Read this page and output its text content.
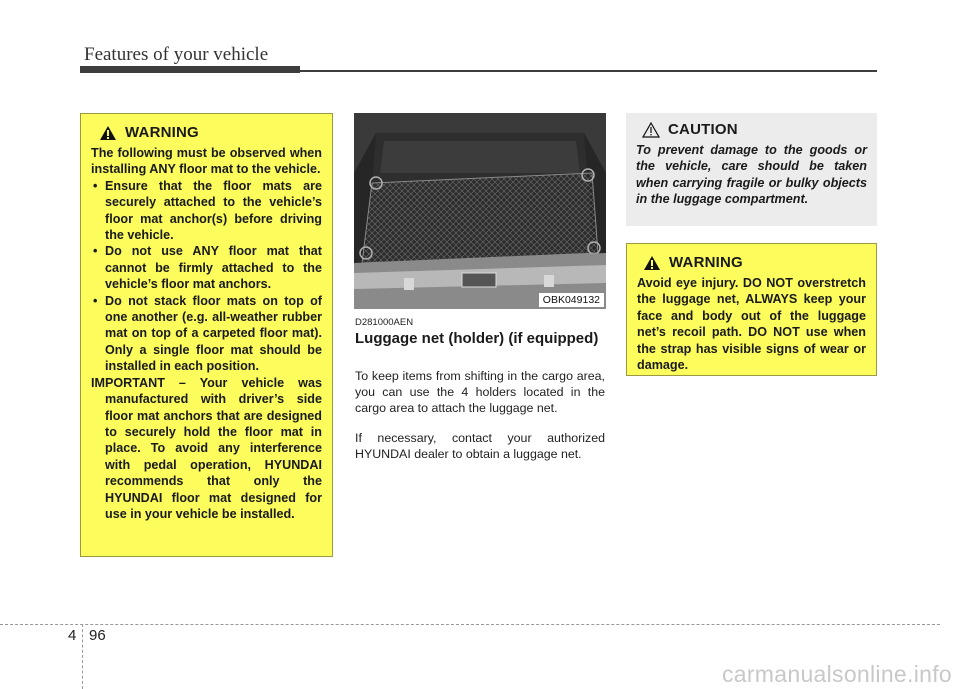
Features of your vehicle
WARNING
The following must be observed when installing ANY floor mat to the vehicle.
• Ensure that the floor mats are securely attached to the vehicle’s floor mat anchor(s) before driving the vehicle.
• Do not use ANY floor mat that cannot be firmly attached to the vehicle’s floor mat anchors.
• Do not stack floor mats on top of one another (e.g. all-weather rubber mat on top of a carpeted floor mat). Only a single floor mat should be installed in each position.
IMPORTANT – Your vehicle was manufactured with driver’s side floor mat anchors that are designed to securely hold the floor mat in place. To avoid any interference with pedal operation, HYUNDAI recommends that only the HYUNDAI floor mat designed for use in your vehicle be installed.
OBK049132
D281000AEN
Luggage net (holder) (if equipped)
To keep items from shifting in the cargo area, you can use the 4 holders located in the cargo area to attach the luggage net.
If necessary, contact your authorized HYUNDAI dealer to obtain a luggage net.
CAUTION
To prevent damage to the goods or the vehicle, care should be taken when carrying fragile or bulky objects in the luggage compartment.
WARNING
Avoid eye injury. DO NOT overstretch the luggage net, ALWAYS keep your face and body out of the luggage net’s recoil path. DO NOT use when the strap has visible signs of wear or damage.
4 96
carmanualsonline.info
